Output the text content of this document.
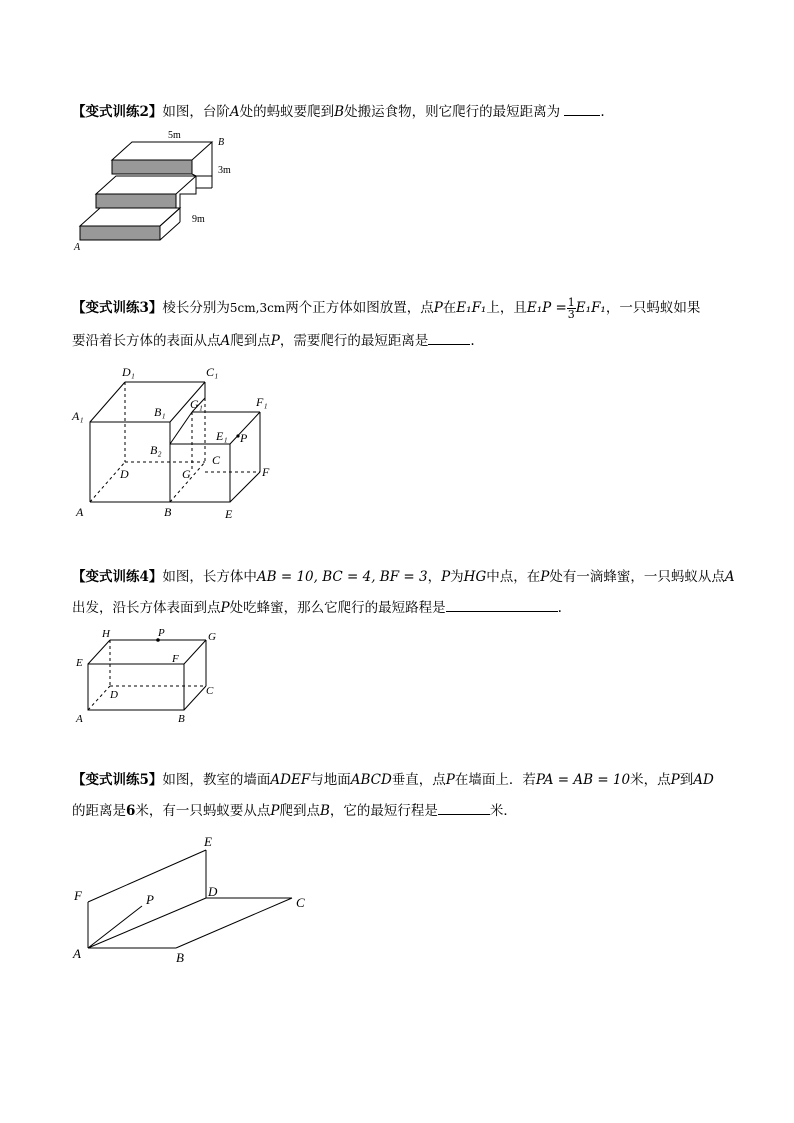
【变式训练2】如图，台阶A处的蚂蚁要爬到B处搬运食物，则它爬行的最短距离为	.
5m
B
3m
9m
A
【变式训练3】棱长分别为5cm,3cm两个正方体如图放置，点P在E₁F₁上，且$E_1P = \frac{1}{3} E_1F_1$，一只蚂蚁如果
要沿着长方体的表面从点A爬到点P，需要爬行的最短距离是	.
D₁	C₁
A₁	B₁
G₁	F₁
E₁ P
B₂
C
D	G	F
A	B	E
【变式训练4】如图，长方体中AB = 10, BC = 4, BF = 3，P为HG中点，在P处有一滴蜂蜜，一只蚂蚁从点A
出发，沿长方体表面到点P处吃蜂蜜，那么它爬行的最短路程是	.
H	P	G
E	F
D	C
A	B
【变式训练5】如图，教室的墙面ADEF与地面ABCD垂直，点P在墙面上．若PA = AB = 10米，点P到AD
的距离是6米，有一只蚂蚁要从点P爬到点B，它的最短行程是	米．
E
F	P
D
C
A	B
